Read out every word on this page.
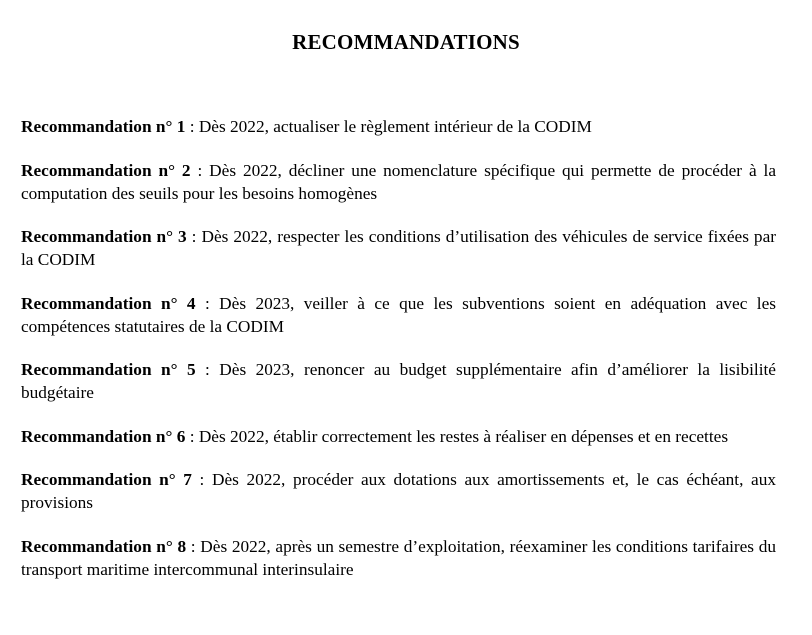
RECOMMANDATIONS
Recommandation n° 1 : Dès 2022, actualiser le règlement intérieur de la CODIM
Recommandation n° 2 : Dès 2022, décliner une nomenclature spécifique qui permette de procéder à la computation des seuils pour les besoins homogènes
Recommandation n° 3 : Dès 2022, respecter les conditions d’utilisation des véhicules de service fixées par la CODIM
Recommandation n° 4 : Dès 2023, veiller à ce que les subventions soient en adéquation avec les compétences statutaires de la CODIM
Recommandation n° 5 : Dès 2023, renoncer au budget supplémentaire afin d’améliorer la lisibilité budgétaire
Recommandation n° 6 : Dès 2022, établir correctement les restes à réaliser en dépenses et en recettes
Recommandation n° 7 : Dès 2022, procéder aux dotations aux amortissements et, le cas échéant, aux provisions
Recommandation n° 8 : Dès 2022, après un semestre d’exploitation, réexaminer les conditions tarifaires du transport maritime intercommunal interinsulaire
